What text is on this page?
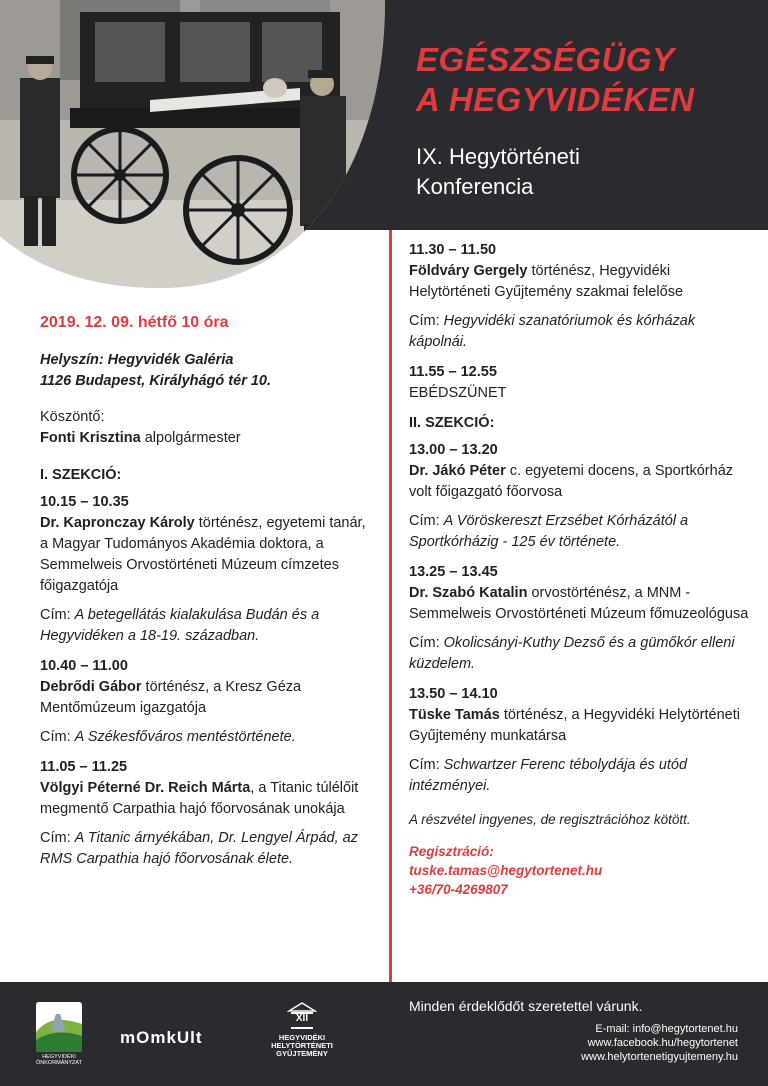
EGÉSZSÉGÜGY
A HEGYVIDÉKEN
IX. Hegytörténeti
Konferencia
2019. 12. 09. hétfő 10 óra
Helyszín: Hegyvidék Galéria
1126 Budapest, Királyhágó tér 10.
Köszöntő:
Fonti Krisztina alpolgármester
I. SZEKCIÓ:
10.15 – 10.35
Dr. Kapronczay Károly történész, egyetemi tanár, a Magyar Tudományos Akadémia doktora, a Semmelweis Orvostörténeti Múzeum címzetes főigazgatója
Cím: A betegellátás kialakulása Budán és a Hegyvidéken a 18-19. században.
10.40 – 11.00
Debrődi Gábor történész, a Kresz Géza Mentőmúzeum igazgatója
Cím: A Székesfőváros mentéstörténete.
11.05 – 11.25
Völgyi Péterné Dr. Reich Márta, a Titanic túlélőit megmentő Carpathia hajó főorvosának unokája
Cím: A Titanic árnyékában, Dr. Lengyel Árpád, az RMS Carpathia hajó főorvosának élete.
11.30 – 11.50
Földváry Gergely történész, Hegyvidéki Helytörténeti Gyűjtemény szakmai felelőse
Cím: Hegyvidéki szanatóriumok és kórházak kápolnái.
11.55 – 12.55
EBÉDSZÜNET
II. SZEKCIÓ:
13.00 – 13.20
Dr. Jákó Péter c. egyetemi docens, a Sportkórház volt főigazgató főorvosa
Cím: A Vöröskereszt Erzsébet Kórházától a Sportkórházig - 125 év története.
13.25 – 13.45
Dr. Szabó Katalin orvostörténész, a MNM - Semmelweis Orvostörténeti Múzeum főmuzeológusa
Cím: Okolicsányi-Kuthy Dezső és a gümőkór elleni küzdelem.
13.50 – 14.10
Tüske Tamás történész, a Hegyvidéki Helytörténeti Gyűjtemény munkatársa
Cím: Schwartzer Ferenc tébolydája és utód intézményei.
A részvétel ingyenes, de regisztrációhoz kötött.
Regisztráció:
tuske.tamas@hegytortenet.hu
+36/70-4269807
HEGYVIDÉKI
ÖNKORMÁNYZAT
mOmkUlt
XII
HEGYVIDÉKI
HELYTÖRTÉNETI
GYŰJTEMÉNY
Minden érdeklődőt szeretettel várunk.
E-mail: info@hegytortenet.hu
www.facebook.hu/hegytortenet
www.helytortenetigyujtemeny.hu
